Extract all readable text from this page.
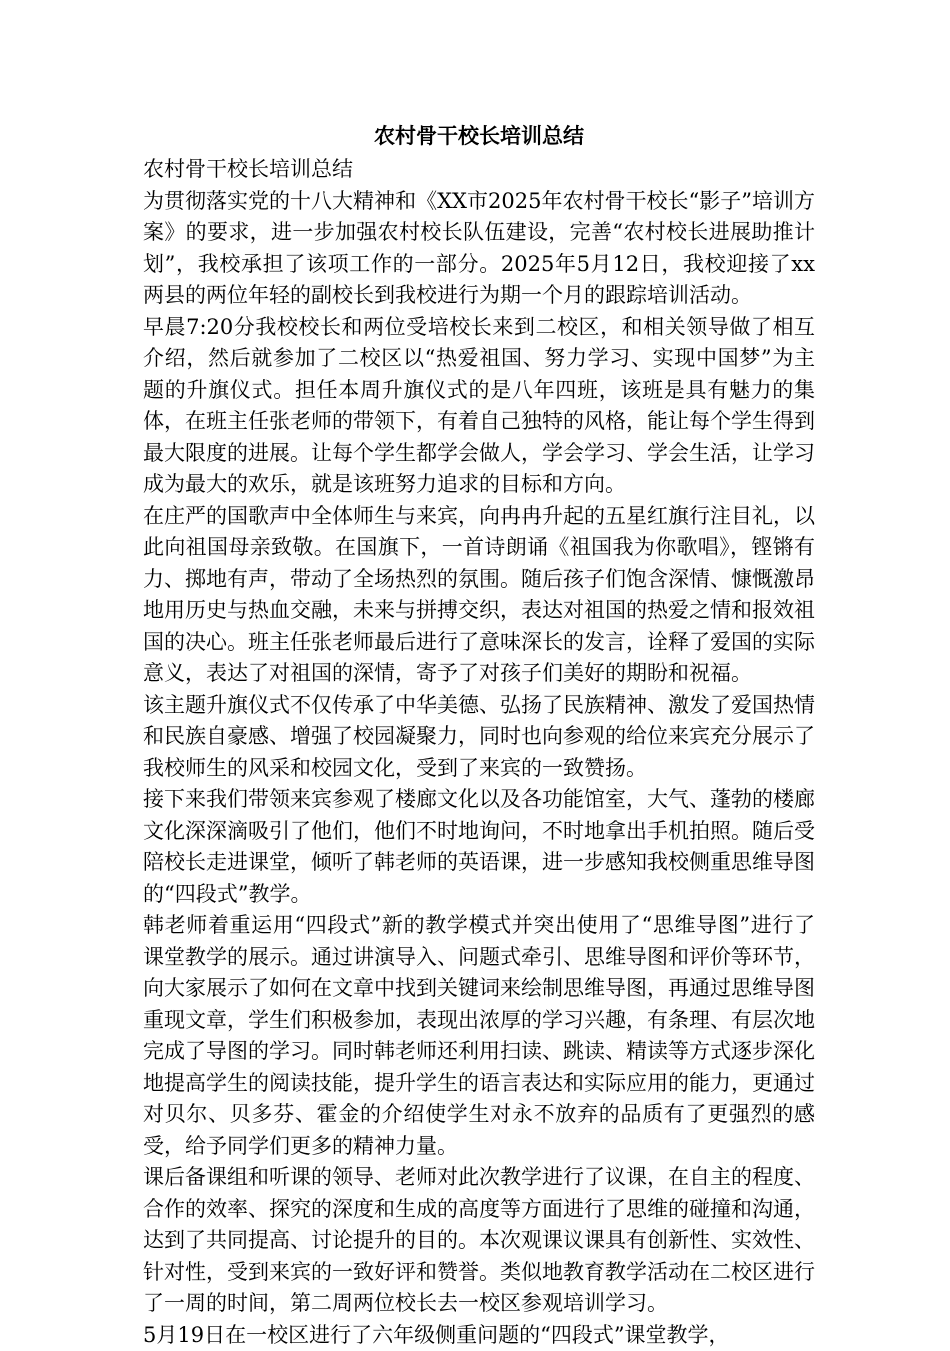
农村骨干校长培训总结

农村骨干校长培训总结

为贯彻落实党的十八大精神和《XX市2025年农村骨干校长“影子”培训方案》的要求，进一步加强农村校长队伍建设，完善“农村校长进展助推计划”，我校承担了该项工作的一部分。2025年5月12日，我校迎接了xx两县的两位年轻的副校长到我校进行为期一个月的跟踪培训活动。

早晨7:20分我校校长和两位受培校长来到二校区，和相关领导做了相互介绍，然后就参加了二校区以“热爱祖国、努力学习、实现中国梦”为主题的升旗仪式。担任本周升旗仪式的是八年四班，该班是具有魅力的集体，在班主任张老师的带领下，有着自己独特的风格，能让每个学生得到最大限度的进展。让每个学生都学会做人，学会学习、学会生活，让学习成为最大的欢乐，就是该班努力追求的目标和方向。

在庄严的国歌声中全体师生与来宾，向冉冉升起的五星红旗行注目礼，以此向祖国母亲致敬。在国旗下，一首诗朗诵《祖国我为你歌唱》，铿锵有力、掷地有声，带动了全场热烈的氛围。随后孩子们饱含深情、慷慨激昂地用历史与热血交融，未来与拼搏交织，表达对祖国的热爱之情和报效祖国的决心。班主任张老师最后进行了意味深长的发言，诠释了爱国的实际意义，表达了对祖国的深情，寄予了对孩子们美好的期盼和祝福。

该主题升旗仪式不仅传承了中华美德、弘扬了民族精神、激发了爱国热情和民族自豪感、增强了校园凝聚力，同时也向参观的给位来宾充分展示了我校师生的风采和校园文化，受到了来宾的一致赞扬。

接下来我们带领来宾参观了楼廊文化以及各功能馆室，大气、蓬勃的楼廊文化深深滴吸引了他们，他们不时地询问，不时地拿出手机拍照。随后受陪校长走进课堂，倾听了韩老师的英语课，进一步感知我校侧重思维导图的“四段式”教学。

韩老师着重运用“四段式”新的教学模式并突出使用了“思维导图”进行了课堂教学的展示。通过讲演导入、问题式牵引、思维导图和评价等环节，向大家展示了如何在文章中找到关键词来绘制思维导图，再通过思维导图重现文章，学生们积极参加，表现出浓厚的学习兴趣，有条理、有层次地完成了导图的学习。同时韩老师还利用扫读、跳读、精读等方式逐步深化地提高学生的阅读技能，提升学生的语言表达和实际应用的能力，更通过对贝尔、贝多芬、霍金的介绍使学生对永不放弃的品质有了更强烈的感受，给予同学们更多的精神力量。

课后备课组和听课的领导、老师对此次教学进行了议课，在自主的程度、合作的效率、探究的深度和生成的高度等方面进行了思维的碰撞和沟通，达到了共同提高、讨论提升的目的。本次观课议课具有创新性、实效性、针对性，受到来宾的一致好评和赞誉。类似地教育教学活动在二校区进行了一周的时间，第二周两位校长去一校区参观培训学习。

5月19日在一校区进行了六年级侧重问题的“四段式”课堂教学，
